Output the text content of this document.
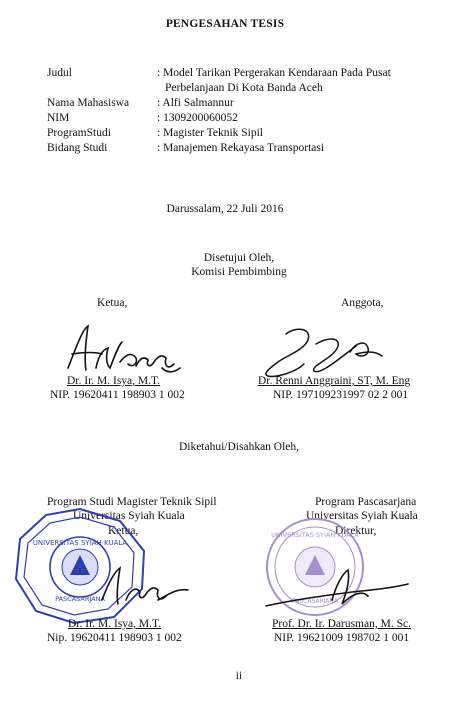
PENGESAHAN TESIS
Judul	: Model Tarikan Pergerakan Kendaraan Pada Pusat
Perbelanjaan Di Kota Banda Aceh
Nama Mahasiswa : Alfi Salmannur
NIM	: 1309200060052
ProgramStudi	: Magister Teknik Sipil
Bidang Studi	: Manajemen Rekayasa Transportasi
Darussalam, 22 Juli 2016
Disetujui Oleh,
Komisi Pembimbing
Ketua,	Anggota,
Dr. Ir. M. Isya, M.T.
NIP. 19620411 198903 1 002
Dr. Renni Anggraini, ST, M. Eng
NIP. 197109231997 02 2 001
Diketahui/Disahkan Oleh,
Program Studi Magister Teknik Sipil
Universitas Syiah Kuala
Ketua,
Program Pascasarjana
Universitas Syiah Kuala
Direktur,
UNIVERSITAS SYIAH KUALA
PASCASARJANA
UNIVERSITAS SYIAH KUALA
PASCASARJANA
Dr. Ir. M. Isya, M.T.
Nip. 19620411 198903 1 002
Prof. Dr. Ir. Darusman, M. Sc.
NIP. 19621009 198702 1 001
ii
